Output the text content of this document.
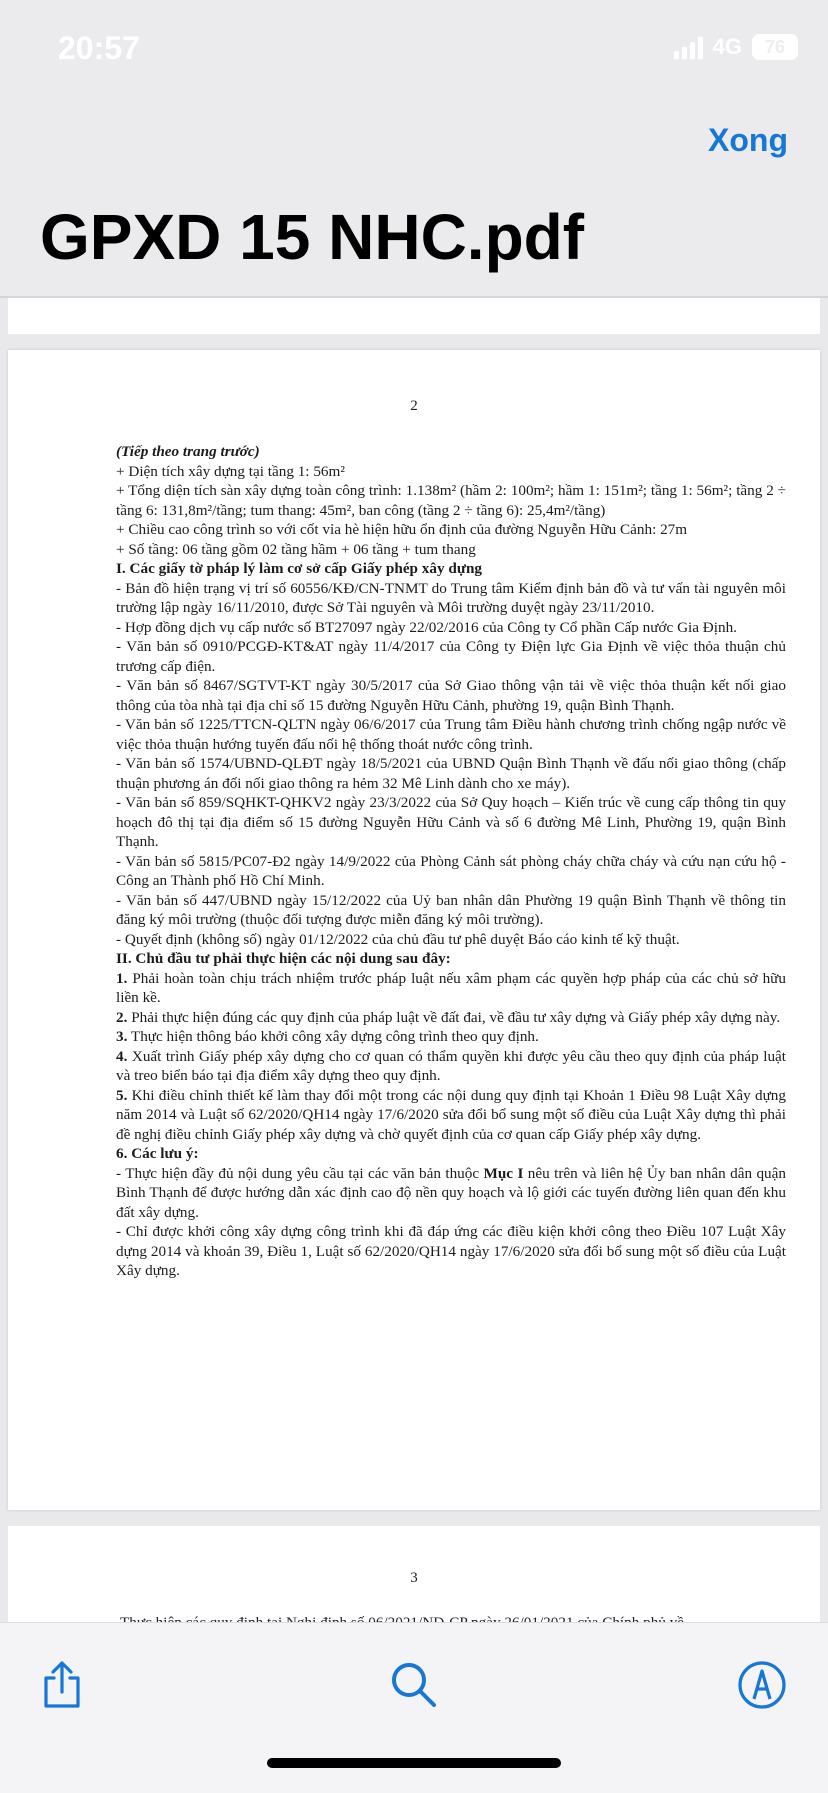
20:57	4G 76
Xong
GPXD 15 NHC.pdf
2

(Tiếp theo trang trước)

+ Diện tích xây dựng tại tầng 1: 56m²

+ Tổng diện tích sàn xây dựng toàn công trình: 1.138m² (hầm 2: 100m²; hầm 1: 151m²; tầng 1: 56m²; tầng 2 ÷ tầng 6: 131,8m²/tầng; tum thang: 45m², ban công (tầng 2 ÷ tầng 6): 25,4m²/tầng)

+ Chiều cao công trình so với cốt vỉa hè hiện hữu ổn định của đường Nguyễn Hữu Cảnh: 27m

+ Số tầng: 06 tầng gồm 02 tầng hầm + 06 tầng + tum thang

I. Các giấy tờ pháp lý làm cơ sở cấp Giấy phép xây dựng

- Bản đồ hiện trạng vị trí số 60556/KĐ/CN-TNMT do Trung tâm Kiểm định bản đồ và tư vấn tài nguyên môi trường lập ngày 16/11/2010, được Sở Tài nguyên và Môi trường duyệt ngày 23/11/2010.

- Hợp đồng dịch vụ cấp nước số BT27097 ngày 22/02/2016 của Công ty Cổ phần Cấp nước Gia Định.

- Văn bản số 0910/PCGĐ-KT&AT ngày 11/4/2017 của Công ty Điện lực Gia Định về việc thỏa thuận chủ trương cấp điện.

- Văn bản số 8467/SGTVT-KT ngày 30/5/2017 của Sở Giao thông vận tải về việc thỏa thuận kết nối giao thông của tòa nhà tại địa chỉ số 15 đường Nguyễn Hữu Cảnh, phường 19, quận Bình Thạnh.

- Văn bản số 1225/TTCN-QLTN ngày 06/6/2017 của Trung tâm Điều hành chương trình chống ngập nước về việc thỏa thuận hướng tuyến đấu nối hệ thống thoát nước công trình.

- Văn bản số 1574/UBND-QLĐT ngày 18/5/2021 của UBND Quận Bình Thạnh về đấu nối giao thông (chấp thuận phương án đối nối giao thông ra hẻm 32 Mê Linh dành cho xe máy).

- Văn bản số 859/SQHKT-QHKV2 ngày 23/3/2022 của Sở Quy hoạch – Kiến trúc về cung cấp thông tin quy hoạch đô thị tại địa điểm số 15 đường Nguyễn Hữu Cảnh và số 6 đường Mê Linh, Phường 19, quận Bình Thạnh.

- Văn bản số 5815/PC07-Đ2 ngày 14/9/2022 của Phòng Cảnh sát phòng cháy chữa cháy và cứu nạn cứu hộ - Công an Thành phố Hồ Chí Minh.

- Văn bản số 447/UBND ngày 15/12/2022 của Uỷ ban nhân dân Phường 19 quận Bình Thạnh về thông tin đăng ký môi trường (thuộc đối tượng được miễn đăng ký môi trường).

- Quyết định (không số) ngày 01/12/2022 của chủ đầu tư phê duyệt Báo cáo kinh tế kỹ thuật.

II. Chủ đầu tư phải thực hiện các nội dung sau đây:

1. Phải hoàn toàn chịu trách nhiệm trước pháp luật nếu xâm phạm các quyền hợp pháp của các chủ sở hữu liền kề.

2. Phải thực hiện đúng các quy định của pháp luật về đất đai, về đầu tư xây dựng và Giấy phép xây dựng này.

3. Thực hiện thông báo khởi công xây dựng công trình theo quy định.

4. Xuất trình Giấy phép xây dựng cho cơ quan có thẩm quyền khi được yêu cầu theo quy định của pháp luật và treo biển báo tại địa điểm xây dựng theo quy định.

5. Khi điều chỉnh thiết kế làm thay đổi một trong các nội dung quy định tại Khoản 1 Điều 98 Luật Xây dựng năm 2014 và Luật số 62/2020/QH14 ngày 17/6/2020 sửa đổi bổ sung một số điều của Luật Xây dựng thì phải đề nghị điều chỉnh Giấy phép xây dựng và chờ quyết định của cơ quan cấp Giấy phép xây dựng.

6. Các lưu ý:

- Thực hiện đầy đủ nội dung yêu cầu tại các văn bản thuộc Mục I nêu trên và liên hệ Ủy ban nhân dân quận Bình Thạnh để được hướng dẫn xác định cao độ nền quy hoạch và lộ giới các tuyến đường liên quan đến khu đất xây dựng.

- Chỉ được khởi công xây dựng công trình khi đã đáp ứng các điều kiện khởi công theo Điều 107 Luật Xây dựng 2014 và khoản 39, Điều 1, Luật số 62/2020/QH14 ngày 17/6/2020 sửa đổi bổ sung một số điều của Luật Xây dựng.

3
